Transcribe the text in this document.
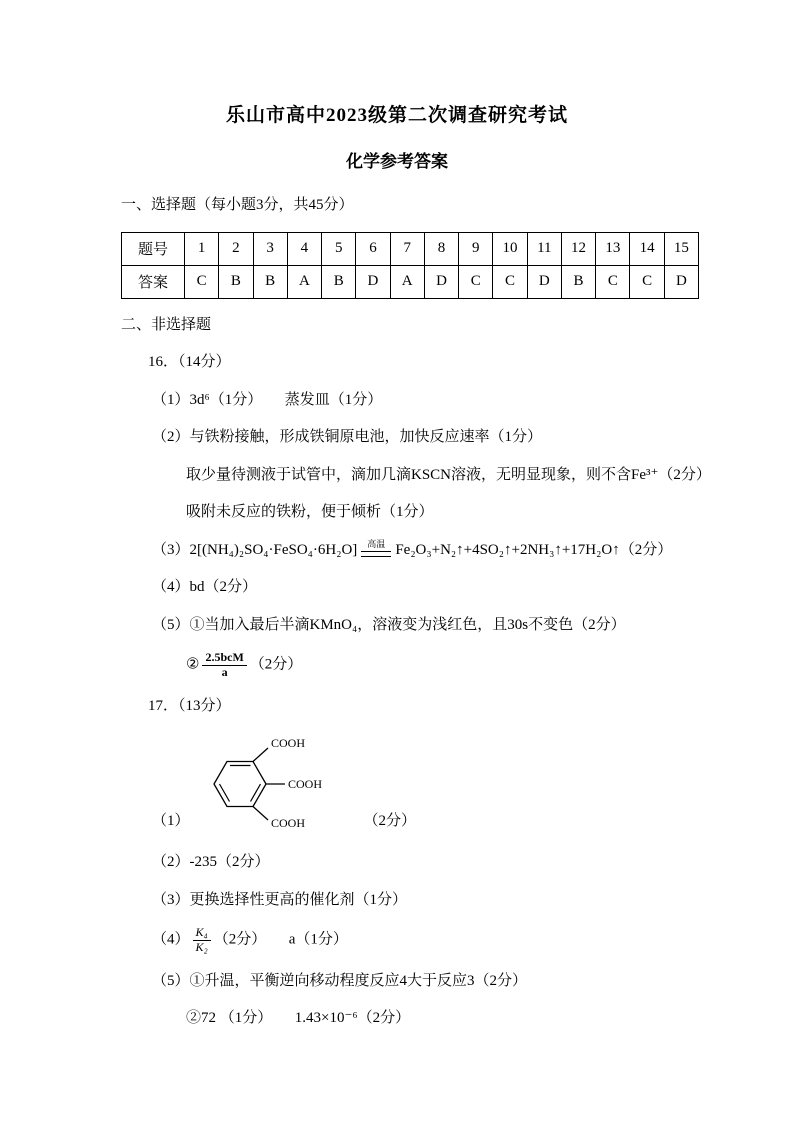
乐山市高中2023级第二次调查研究考试
化学参考答案

一、选择题（每小题3分，共45分）

题号	1	2	3	4	5	6	7	8	9	10	11	12	13	14	15
答案	C	B	B	A	B	D	A	D	C	C	D	B	C	C	D

二、非选择题

16．（14分）

（1）3d⁶（1分）　　蒸发皿（1分）

（2）与铁粉接触，形成铁铜原电池，加快反应速率（1分）

取少量待测液于试管中，滴加几滴KSCN溶液，无明显现象，则不含Fe³⁺（2分）

吸附未反应的铁粉，便于倾析（1分）

（3）2[(NH₄)₂SO₄·FeSO₄·6H₂O] 高温 Fe₂O₃+N₂↑+4SO₂↑+2NH₃↑+17H₂O↑（2分）

（4）bd（2分）

（5）①当加入最后半滴KMnO₄，溶液变为浅红色，且30s不变色（2分）

② $\frac{\text{2.5bcM}}{a} (2$分）

17．（13分）

（1）
COOH
COOH
COOH	（2分）

（2）-235（2分）

（3）更换选择性更高的催化剂（1分）

$(4) \frac{\text{K₄}}{\text{K₂}} (2$分）　　a（1分）

（5）①升温，平衡逆向移动程度反应4大于反应3（2分）

②72 （1分）　　1.43×10⁻⁶（2分）
